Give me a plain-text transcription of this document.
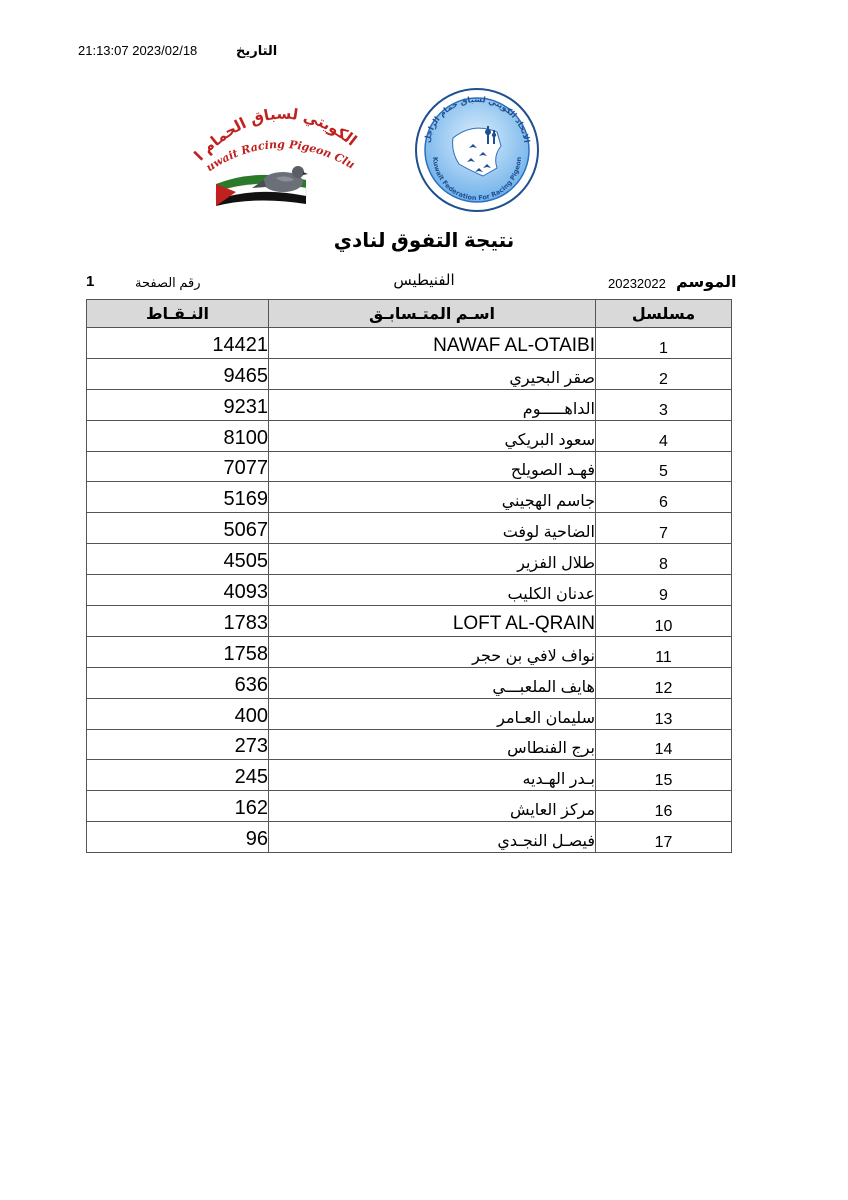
21:13:07 2023/02/18	التاريخ
الكويتي لسباق الحمام ا
uwait Racing Pigeon Clu
الاتحاد الكويتي لسباق حمام الزاجل
Kuwait Federation For Racing Pigeon
نتيجة التفوق لنادي
1	رقم الصفحة	الفنيطيس	20232022 الموسم
النـقـاط	اسـم المتـسابـق	مسلسل
14421	NAWAF AL-OTAIBI	1
9465	صقر البحيري	2
9231	الداهـــــوم	3
8100	سعود البريكي	4
7077	فهـد الصويلح	5
5169	جاسم الهجيني	6
5067	الضاحية لوفت	7
4505	طلال الفزير	8
4093	عدنان الكليب	9
1783	LOFT AL-QRAIN	10
1758	نواف لافي بن حجر	11
636	هايف الملعبـــي	12
400	سليمان العـامر	13
273	برج الفنطاس	14
245	بـدر الهـديه	15
162	مركز العايش	16
96	فيصـل النجـدي	17
